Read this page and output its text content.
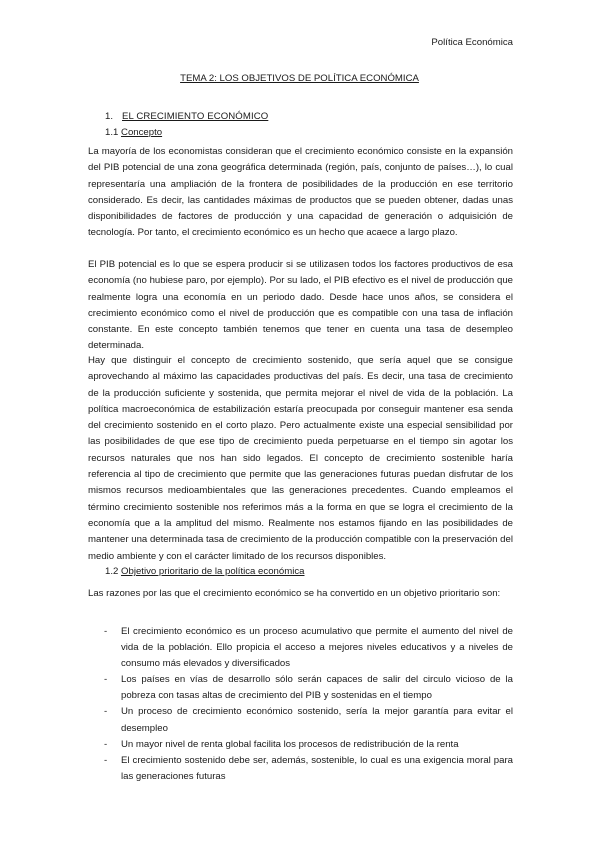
Política Económica
TEMA 2: LOS OBJETIVOS DE POLÍTICA ECONÓMICA
1. EL CRECIMIENTO ECONÓMICO
1.1 Concepto

La mayoría de los economistas consideran que el crecimiento económico consiste en la expansión del PIB potencial de una zona geográfica determinada (región, país, conjunto de países…), lo cual representaría una ampliación de la frontera de posibilidades de la producción en ese territorio considerado. Es decir, las cantidades máximas de productos que se pueden obtener, dadas unas disponibilidades de factores de producción y una capacidad de generación o adquisición de tecnología. Por tanto, el crecimiento económico es un hecho que acaece a largo plazo.

El PIB potencial es lo que se espera producir si se utilizasen todos los factores productivos de esa economía (no hubiese paro, por ejemplo). Por su lado, el PIB efectivo es el nivel de producción que realmente logra una economía en un periodo dado. Desde hace unos años, se considera el crecimiento económico como el nivel de producción que es compatible con una tasa de inflación constante. En este concepto también tenemos que tener en cuenta una tasa de desempleo determinada.

Hay que distinguir el concepto de crecimiento sostenido, que sería aquel que se consigue aprovechando al máximo las capacidades productivas del país. Es decir, una tasa de crecimiento de la producción suficiente y sostenida, que permita mejorar el nivel de vida de la población. La política macroeconómica de estabilización estaría preocupada por conseguir mantener esa senda del crecimiento sostenido en el corto plazo. Pero actualmente existe una especial sensibilidad por las posibilidades de que ese tipo de crecimiento pueda perpetuarse en el tiempo sin agotar los recursos naturales que nos han sido legados. El concepto de crecimiento sostenible haría referencia al tipo de crecimiento que permite que las generaciones futuras puedan disfrutar de los mismos recursos medioambientales que las generaciones precedentes. Cuando empleamos el término crecimiento sostenible nos referimos más a la forma en que se logra el crecimiento de la economía que a la amplitud del mismo. Realmente nos estamos fijando en las posibilidades de mantener una determinada tasa de crecimiento de la producción compatible con la preservación del medio ambiente y con el carácter limitado de los recursos disponibles.

1.2 Objetivo prioritario de la política económica

Las razones por las que el crecimiento económico se ha convertido en un objetivo prioritario son:

- El crecimiento económico es un proceso acumulativo que permite el aumento del nivel de vida de la población. Ello propicia el acceso a mejores niveles educativos y a niveles de consumo más elevados y diversificados
- Los países en vías de desarrollo sólo serán capaces de salir del circulo vicioso de la pobreza con tasas altas de crecimiento del PIB y sostenidas en el tiempo
- Un proceso de crecimiento económico sostenido, sería la mejor garantía para evitar el desempleo
- Un mayor nivel de renta global facilita los procesos de redistribución de la renta
- El crecimiento sostenido debe ser, además, sostenible, lo cual es una exigencia moral para las generaciones futuras
